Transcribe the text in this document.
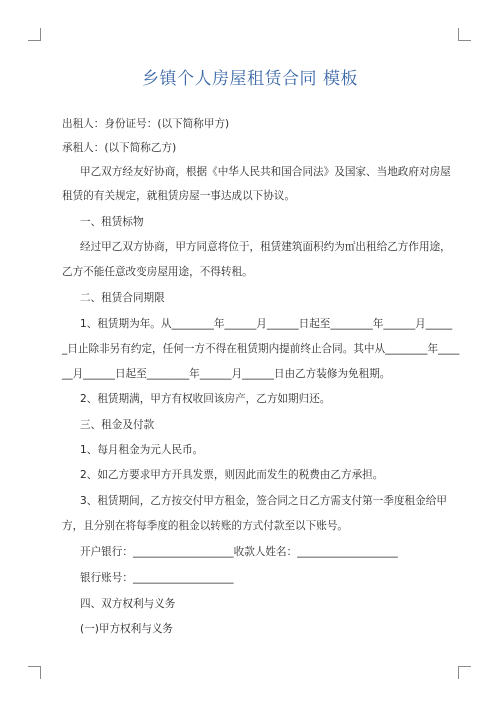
乡镇个人房屋租赁合同 模板

出租人：身份证号：(以下简称甲方)

承租人：(以下简称乙方)

甲乙双方经友好协商，根据《中华人民共和国合同法》及国家、当地政府对房屋

租赁的有关规定，就租赁房屋一事达成以下协议。

一、租赁标物

经过甲乙双方协商，甲方同意将位于，租赁建筑面积约为㎡出租给乙方作用途，

乙方不能任意改变房屋用途，不得转租。

二、租赁合同期限

1、租赁期为年。从________年______月______日起至________年______月_____

_日止除非另有约定，任何一方不得在租赁期内提前终止合同。其中从________年____

__月______日起至________年______月______日由乙方装修为免租期。

2、租赁期满，甲方有权收回该房产，乙方如期归还。

三、租金及付款

1、每月租金为元人民币。

2、如乙方要求甲方开具发票，则因此而发生的税费由乙方承担。

3、租赁期间，乙方按交付甲方租金，签合同之日乙方需支付第一季度租金给甲

方，且分别在将每季度的租金以转账的方式付款至以下账号。

开户银行：___________________收款人姓名：___________________

银行账号：___________________

四、双方权利与义务

(一)甲方权利与义务
